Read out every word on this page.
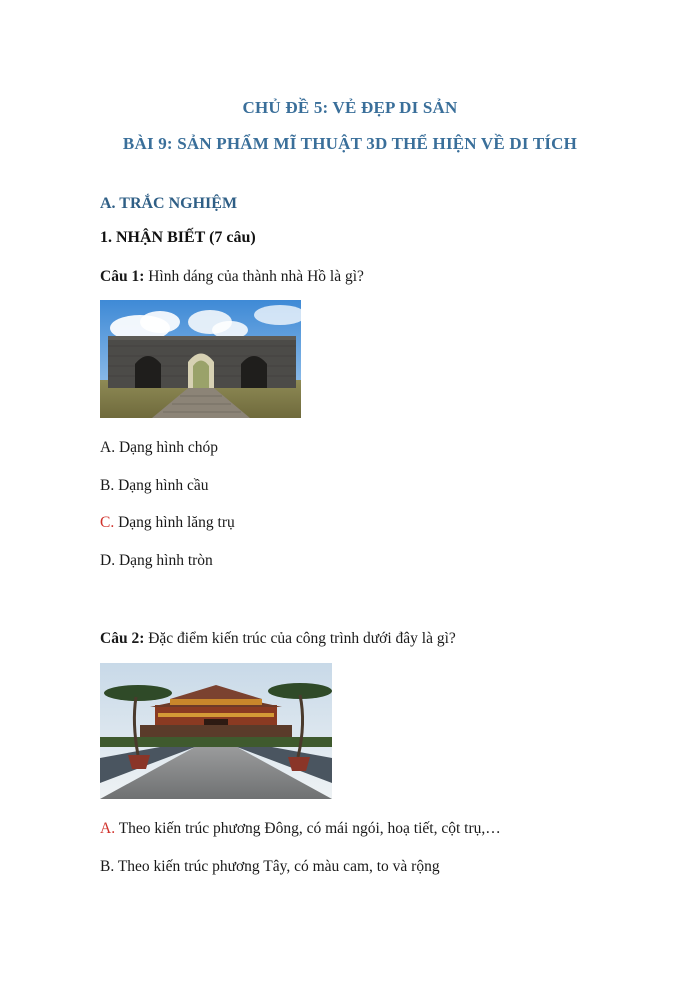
CHỦ ĐỀ 5: VẺ ĐẸP DI SẢN
BÀI 9: SẢN PHẨM MĨ THUẬT 3D THỂ HIỆN VỀ DI TÍCH
A. TRẮC NGHIỆM
1. NHẬN BIẾT (7 câu)
Câu 1: Hình dáng của thành nhà Hồ là gì?
A. Dạng hình chóp
B. Dạng hình cầu
C. Dạng hình lăng trụ
D. Dạng hình tròn
Câu 2: Đặc điểm kiến trúc của công trình dưới đây là gì?
A. Theo kiến trúc phương Đông, có mái ngói, hoạ tiết, cột trụ,…
B. Theo kiến trúc phương Tây, có màu cam, to và rộng
